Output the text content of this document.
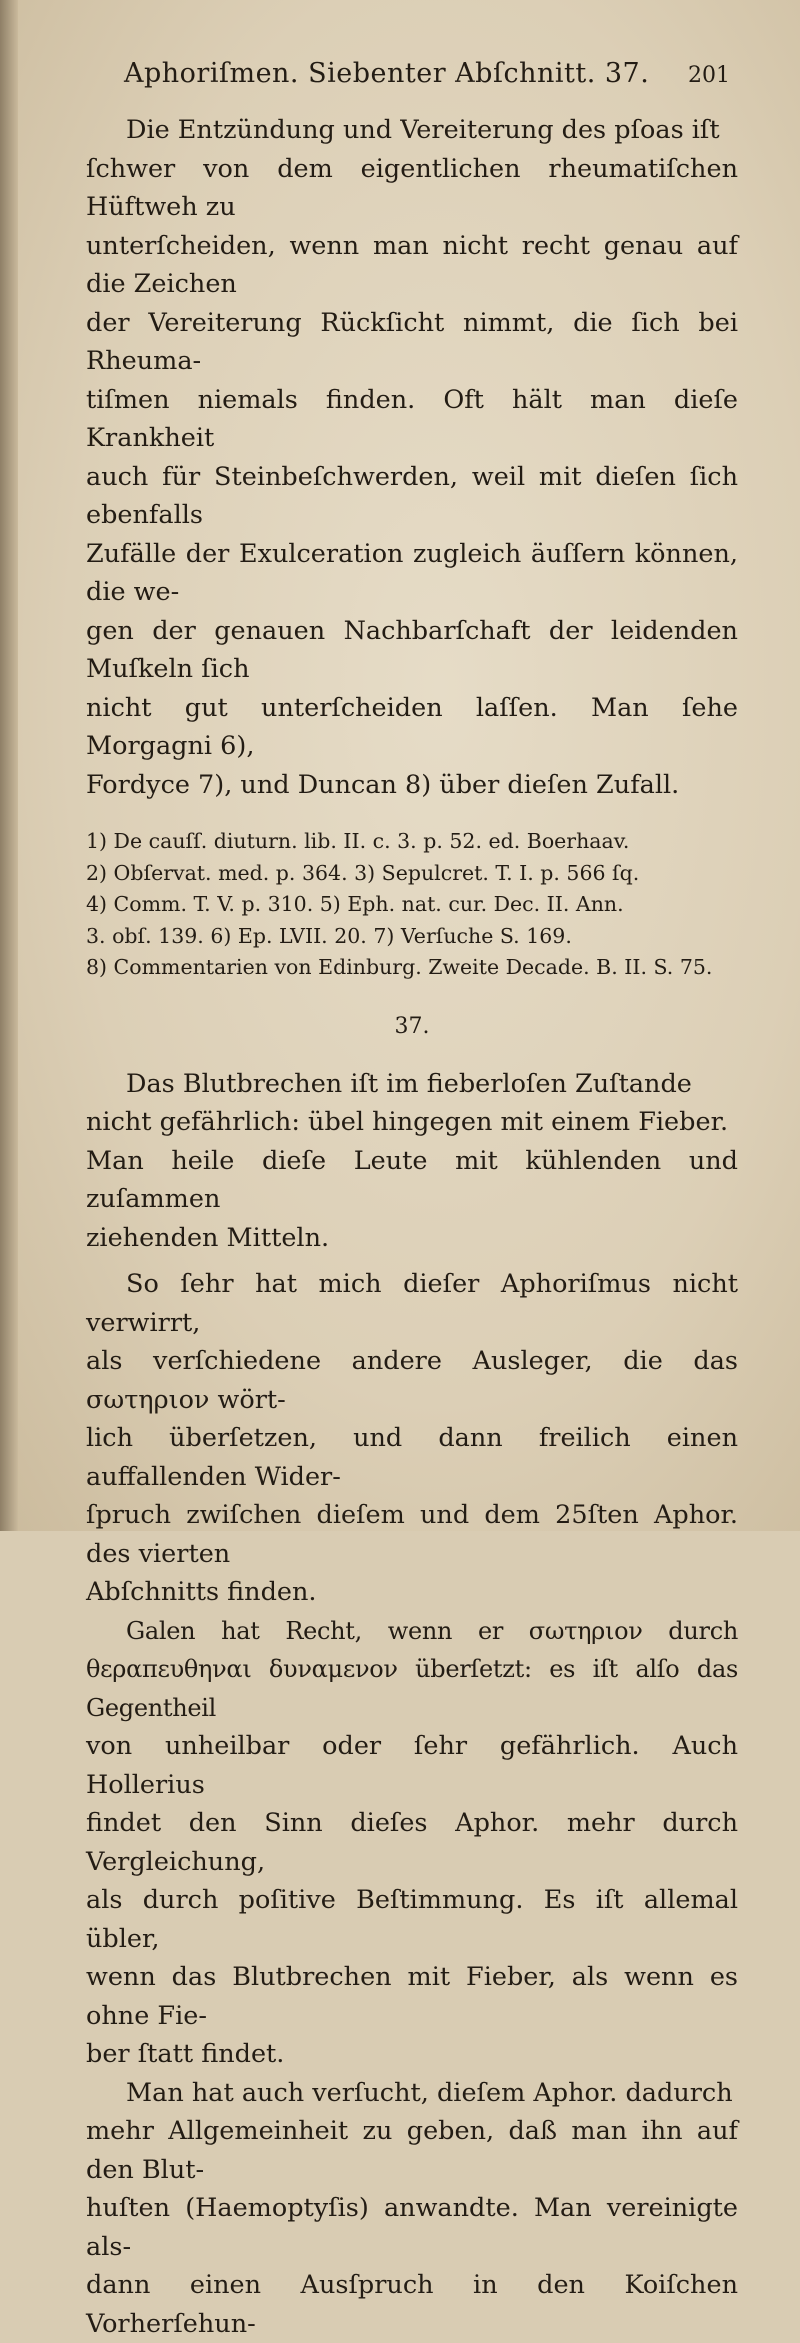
Aphoriſmen. Siebenter Abſchnitt. 37. 201

Die Entzündung und Vereiterung des pſoas iſt

ſchwer von dem eigentlichen rheumatiſchen Hüftweh zu

unterſcheiden, wenn man nicht recht genau auf die Zeichen

der Vereiterung Rückſicht nimmt, die ſich bei Rheuma-

tiſmen niemals finden. Oft hält man dieſe Krankheit

auch für Steinbeſchwerden, weil mit dieſen ſich ebenfalls

Zufälle der Exulceration zugleich äuſſern können, die we-

gen der genauen Nachbarſchaft der leidenden Muſkeln ſich

nicht gut unterſcheiden laſſen. Man ſehe Morgagni 6),

Fordyce 7), und Duncan 8) über dieſen Zufall.

1) De cauſſ. diuturn. lib. II. c. 3. p. 52. ed. Boerhaav.
2) Obſervat. med. p. 364. 3) Sepulcret. T. I. p. 566 ſq.
4) Comm. T. V. p. 310. 5) Eph. nat. cur. Dec. II. Ann.
3. obſ. 139. 6) Ep. LVII. 20. 7) Verſuche S. 169.
8) Commentarien von Edinburg. Zweite Decade. B. II. S. 75.
37.

Das Blutbrechen iſt im fieberloſen Zuſtande

nicht gefährlich: übel hingegen mit einem Fieber.

Man heile dieſe Leute mit kühlenden und zuſammen

ziehenden Mitteln.

So ſehr hat mich dieſer Aphoriſmus nicht verwirrt,

als verſchiedene andere Ausleger, die das σωτηριον wört-

lich überſetzen, und dann freilich einen auffallenden Wider-

ſpruch zwiſchen dieſem und dem 25ſten Aphor. des vierten

Abſchnitts finden.

Galen hat Recht, wenn er σωτηριον durch θεραπευθηναι δυναμενον überſetzt: es iſt alſo das Gegentheil

von unheilbar oder ſehr gefährlich. Auch Hollerius

findet den Sinn dieſes Aphor. mehr durch Vergleichung,

als durch poſitive Beſtimmung. Es iſt allemal übler,

wenn das Blutbrechen mit Fieber, als wenn es ohne Fie-

ber ſtatt findet.

Man hat auch verſucht, dieſem Aphor. dadurch

mehr Allgemeinheit zu geben, daß man ihn auf den Blut-

huſten (Haemoptyſis) anwandte. Man vereinigte als-

dann einen Ausſpruch in den Koiſchen Vorherſehun-
